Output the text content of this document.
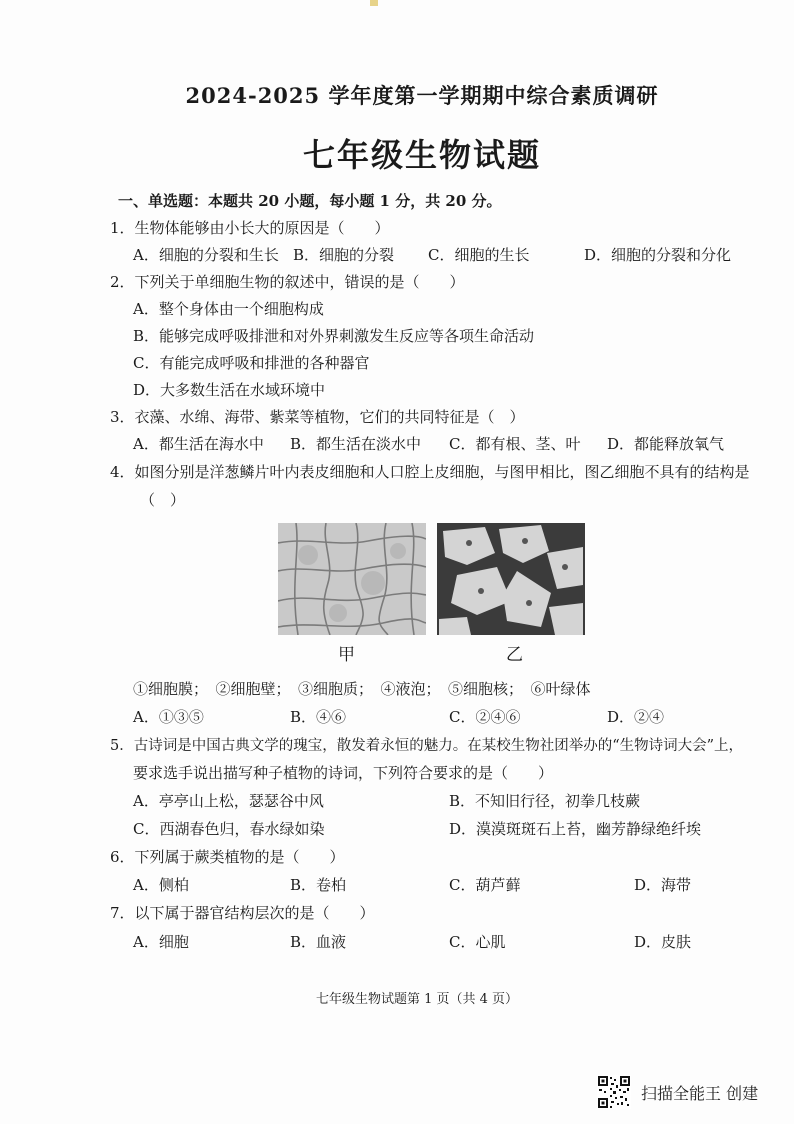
2024-2025 学年度第一学期期中综合素质调研
七年级生物试题
一、单选题：本题共 20 小题，每小题 1 分，共 20 分。
1．生物体能够由小长大的原因是（　　）
A．细胞的分裂和生长 B．细胞的分裂 C．细胞的生长	D．细胞的分裂和分化
2．下列关于单细胞生物的叙述中，错误的是（　　）
A．整个身体由一个细胞构成
B．能够完成呼吸排泄和对外界刺激发生反应等各项生命活动
C．有能完成呼吸和排泄的各种器官
D．大多数生活在水域环境中
3．衣藻、水绵、海带、紫菜等植物，它们的共同特征是（　）
A．都生活在海水中 B．都生活在淡水中 C．都有根、茎、叶 D．都能释放氧气
4．如图分别是洋葱鳞片叶内表皮细胞和人口腔上皮细胞，与图甲相比，图乙细胞不具有的结构是
（　）
甲	乙
①细胞膜；　②细胞壁；　③细胞质；　④液泡；　⑤细胞核；　⑥叶绿体
A．①③⑤	B．④⑥	C．②④⑥	D．②④
5．古诗词是中国古典文学的瑰宝，散发着永恒的魅力。在某校生物社团举办的“生物诗词大会”上，
要求选手说出描写种子植物的诗词，下列符合要求的是（　　）
A．亭亭山上松，瑟瑟谷中风	B．不知旧行径，初拳几枝蕨
C．西湖春色归，春水绿如染	D．漠漠斑斑石上苔，幽芳静绿绝纤埃
6．下列属于蕨类植物的是（　　）
A．侧柏	B．卷柏	C．葫芦藓	D．海带
7．以下属于器官结构层次的是（　　）
A．细胞	B．血液	C．心肌	D．皮肤
七年级生物试题第 1 页（共 4 页）
扫描全能王 创建
